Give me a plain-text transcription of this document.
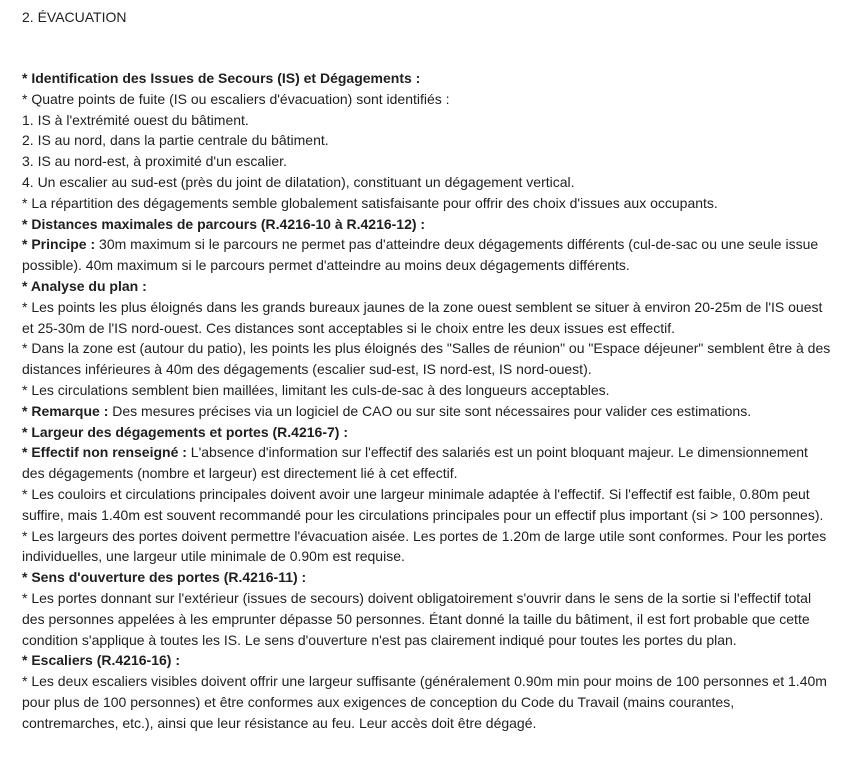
2. ÉVACUATION

* Identification des Issues de Secours (IS) et Dégagements :

* Quatre points de fuite (IS ou escaliers d'évacuation) sont identifiés :

1. IS à l'extrémité ouest du bâtiment.

2. IS au nord, dans la partie centrale du bâtiment.

3. IS au nord-est, à proximité d'un escalier.

4. Un escalier au sud-est (près du joint de dilatation), constituant un dégagement vertical.

* La répartition des dégagements semble globalement satisfaisante pour offrir des choix d'issues aux occupants.

* Distances maximales de parcours (R.4216-10 à R.4216-12) :

* Principe : 30m maximum si le parcours ne permet pas d'atteindre deux dégagements différents (cul-de-sac ou une seule issue possible). 40m maximum si le parcours permet d'atteindre au moins deux dégagements différents.

* Analyse du plan :

* Les points les plus éloignés dans les grands bureaux jaunes de la zone ouest semblent se situer à environ 20-25m de l'IS ouest et 25-30m de l'IS nord-ouest. Ces distances sont acceptables si le choix entre les deux issues est effectif.

* Dans la zone est (autour du patio), les points les plus éloignés des "Salles de réunion" ou "Espace déjeuner" semblent être à des distances inférieures à 40m des dégagements (escalier sud-est, IS nord-est, IS nord-ouest).

* Les circulations semblent bien maillées, limitant les culs-de-sac à des longueurs acceptables.

* Remarque : Des mesures précises via un logiciel de CAO ou sur site sont nécessaires pour valider ces estimations.

* Largeur des dégagements et portes (R.4216-7) :

* Effectif non renseigné : L'absence d'information sur l'effectif des salariés est un point bloquant majeur. Le dimensionnement des dégagements (nombre et largeur) est directement lié à cet effectif.

* Les couloirs et circulations principales doivent avoir une largeur minimale adaptée à l'effectif. Si l'effectif est faible, 0.80m peut suffire, mais 1.40m est souvent recommandé pour les circulations principales pour un effectif plus important (si > 100 personnes).

* Les largeurs des portes doivent permettre l'évacuation aisée. Les portes de 1.20m de large utile sont conformes. Pour les portes individuelles, une largeur utile minimale de 0.90m est requise.

* Sens d'ouverture des portes (R.4216-11) :

* Les portes donnant sur l'extérieur (issues de secours) doivent obligatoirement s'ouvrir dans le sens de la sortie si l'effectif total des personnes appelées à les emprunter dépasse 50 personnes. Étant donné la taille du bâtiment, il est fort probable que cette condition s'applique à toutes les IS. Le sens d'ouverture n'est pas clairement indiqué pour toutes les portes du plan.

* Escaliers (R.4216-16) :

* Les deux escaliers visibles doivent offrir une largeur suffisante (généralement 0.90m min pour moins de 100 personnes et 1.40m pour plus de 100 personnes) et être conformes aux exigences de conception du Code du Travail (mains courantes, contremarches, etc.), ainsi que leur résistance au feu. Leur accès doit être dégagé.
